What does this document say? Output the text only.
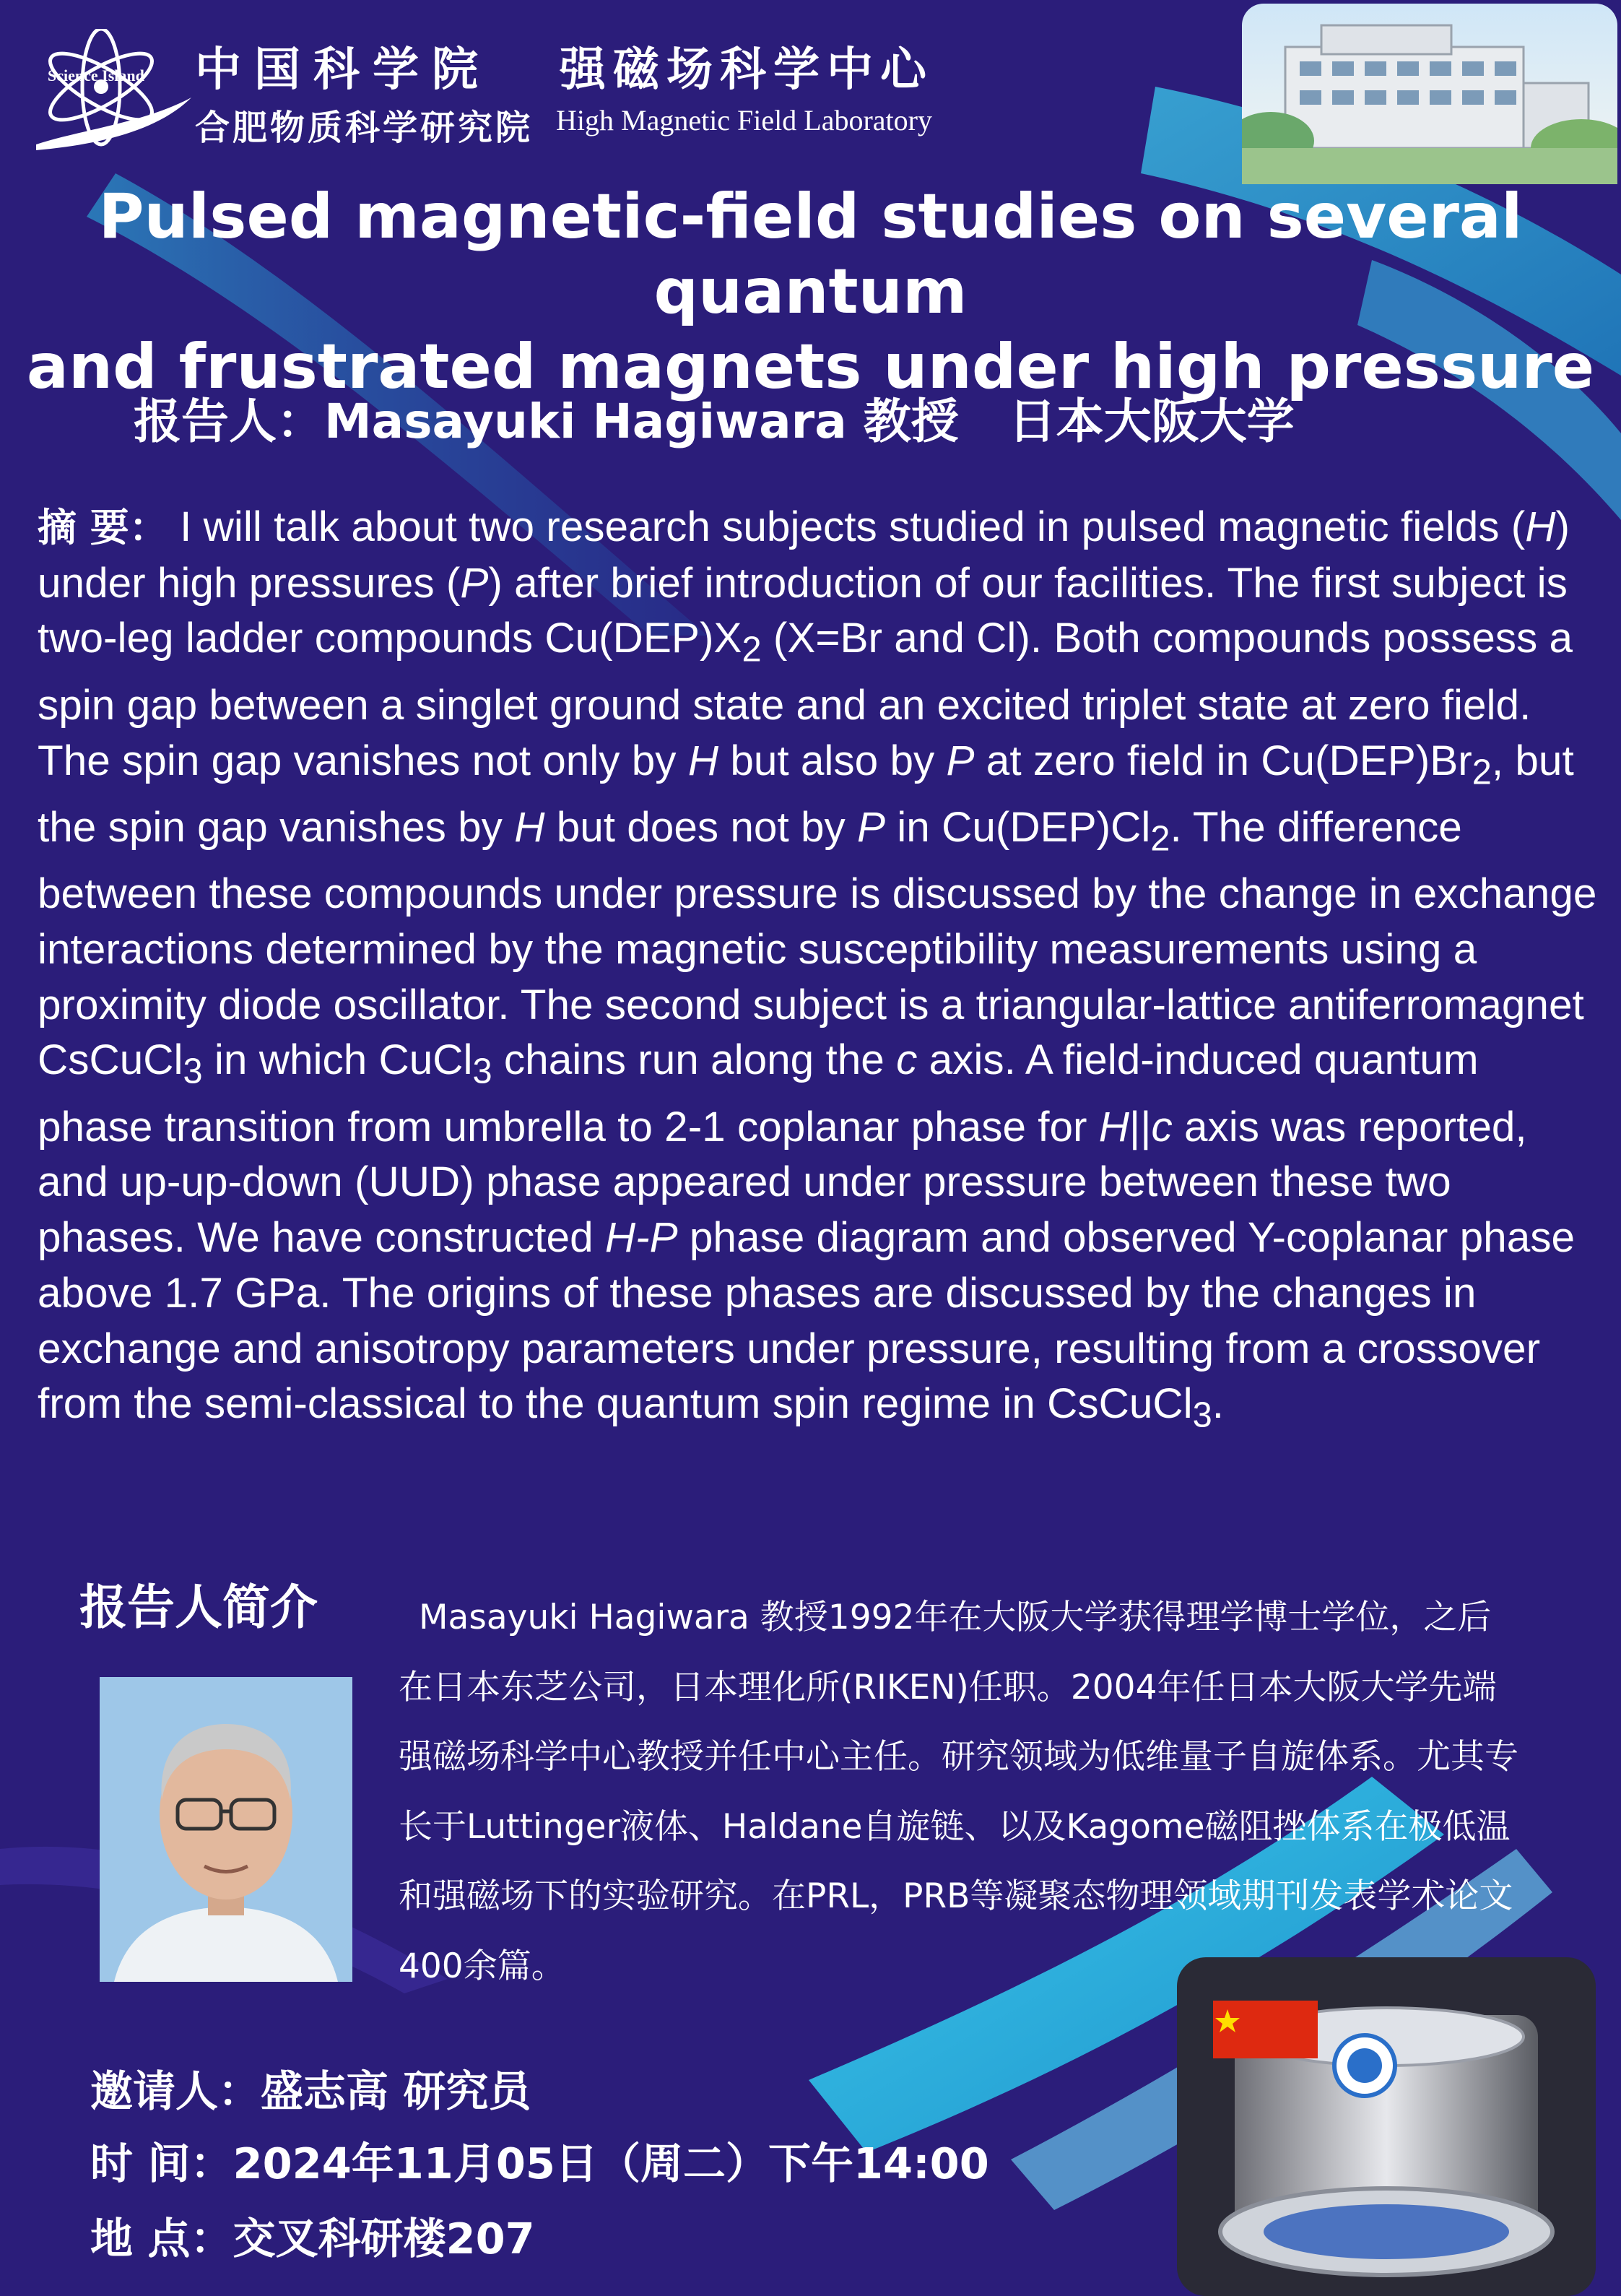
Science Island 中国科学院 强磁场科学中心
合肥物质科学研究院 High Magnetic Field Laboratory
Pulsed magnetic-field studies on several quantum
and frustrated magnets under high pressure
报告人：Masayuki Hagiwara 教授 日本大阪大学
摘 要： I will talk about two research subjects studied in pulsed magnetic fields (H) under high pressures (P) after brief introduction of our facilities. The first subject is two-leg ladder compounds $Cu(DEP)X_2$ (X=Br and Cl). Both compounds possess a spin gap between a singlet ground state and an excited triplet state at zero field. The spin gap vanishes not only by H but also by P at zero field in $Cu(DEP)Br_2$, but the spin gap vanishes by H but does not by P in $Cu(DEP)Cl_2$. The difference between these compounds under pressure is discussed by the change in exchange interactions determined by the magnetic susceptibility measurements using a proximity diode oscillator. The second subject is a triangular-lattice antiferromagnet CsCuCl$_3$ in which CuCl$_3$ chains run along the c axis. A field-induced quantum phase transition from umbrella to 2-1 coplanar phase for H||c axis was reported, and up-up-down (UUD) phase appeared under pressure between these two phases. We have constructed H-P phase diagram and observed Y-coplanar phase above 1.7 GPa. The origins of these phases are discussed by the changes in exchange and anisotropy parameters under pressure, resulting from a crossover from the semi-classical to the quantum spin regime in CsCuCl$_3$.
报告人简介	Masayuki Hagiwara 教授1992年在大阪大学获得理学博士学位，之后在日本东芝公司，日本理化所(RIKEN)任职。2004年任日本大阪大学先端强磁场科学中心教授并任中心主任。研究领域为低维量子自旋体系。尤其专长于Luttinger液体、Haldane自旋链、以及Kagome磁阻挫体系在极低温和强磁场下的实验研究。在PRL，PRB等凝聚态物理领域期刊发表学术论文400余篇。
邀请人：盛志高 研究员
时 间：2024年11月05日（周二）下午14:00
地 点：交叉科研楼207
